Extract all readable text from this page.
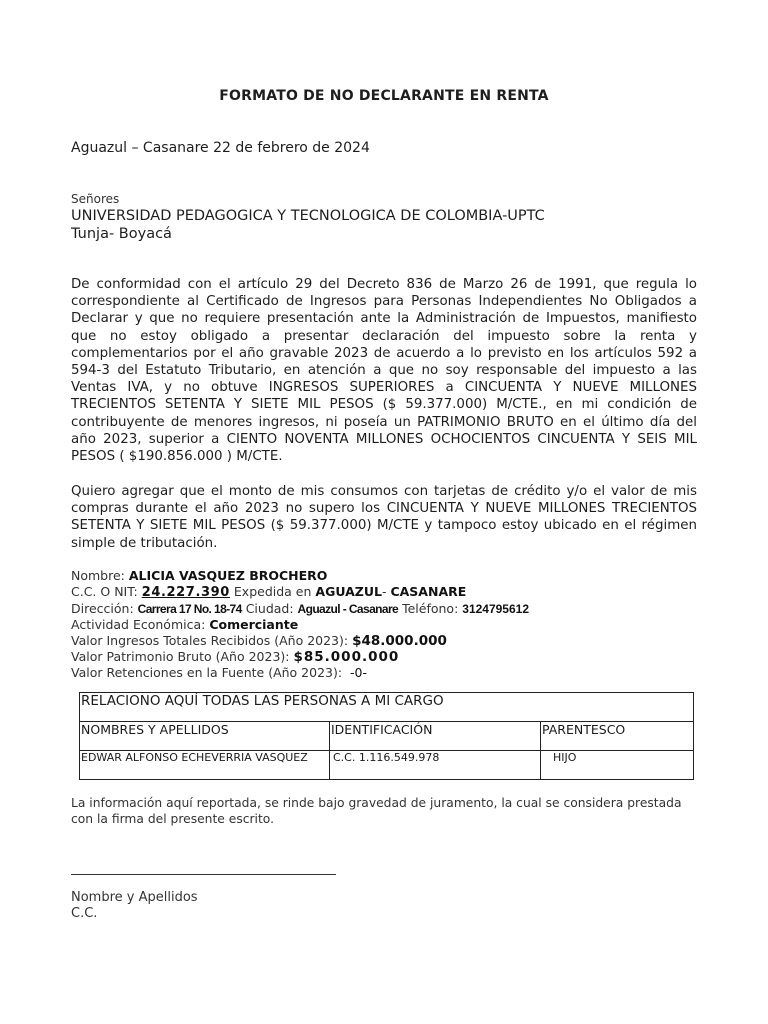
FORMATO DE NO DECLARANTE EN RENTA
Aguazul – Casanare 22 de febrero de 2024
Señores
UNIVERSIDAD PEDAGOGICA Y TECNOLOGICA DE COLOMBIA-UPTC
Tunja- Boyacá
De conformidad con el artículo 29 del Decreto 836 de Marzo 26 de 1991, que regula lo correspondiente al Certificado de Ingresos para Personas Independientes No Obligados a Declarar y que no requiere presentación ante la Administración de Impuestos, manifiesto que no estoy obligado a presentar declaración del impuesto sobre la renta y complementarios por el año gravable 2023 de acuerdo a lo previsto en los artículos 592 a 594-3 del Estatuto Tributario, en atención a que no soy responsable del impuesto a las Ventas IVA, y no obtuve INGRESOS SUPERIORES a CINCUENTA Y NUEVE MILLONES TRECIENTOS SETENTA Y SIETE MIL PESOS ($ 59.377.000) M/CTE., en mi condición de contribuyente de menores ingresos, ni poseía un PATRIMONIO BRUTO en el último día del año 2023, superior a CIENTO NOVENTA MILLONES OCHOCIENTOS CINCUENTA Y SEIS MIL PESOS ( $190.856.000 ) M/CTE.
Quiero agregar que el monto de mis consumos con tarjetas de crédito y/o el valor de mis compras durante el año 2023 no supero los CINCUENTA Y NUEVE MILLONES TRECIENTOS SETENTA Y SIETE MIL PESOS ($ 59.377.000) M/CTE y tampoco estoy ubicado en el régimen simple de tributación.
Nombre: ALICIA VASQUEZ BROCHERO
C.C. O NIT: 24.227.390 Expedida en AGUAZUL- CASANARE
Dirección: Carrera 17 No. 18-74 Ciudad: Aguazul - Casanare Teléfono: 3124795612
Actividad Económica: Comerciante
Valor Ingresos Totales Recibidos (Año 2023): $48.000.000
Valor Patrimonio Bruto (Año 2023): $85.000.000
Valor Retenciones en la Fuente (Año 2023): -0-
RELACIONO AQUÍ TODAS LAS PERSONAS A MI CARGO		
NOMBRES Y APELLIDOS	IDENTIFICACIÓN	PARENTESCO
EDWAR ALFONSO ECHEVERRIA VASQUEZ	C.C. 1.116.549.978	HIJO
La información aquí reportada, se rinde bajo gravedad de juramento, la cual se considera prestada con la firma del presente escrito.
Nombre y Apellidos
C.C.
